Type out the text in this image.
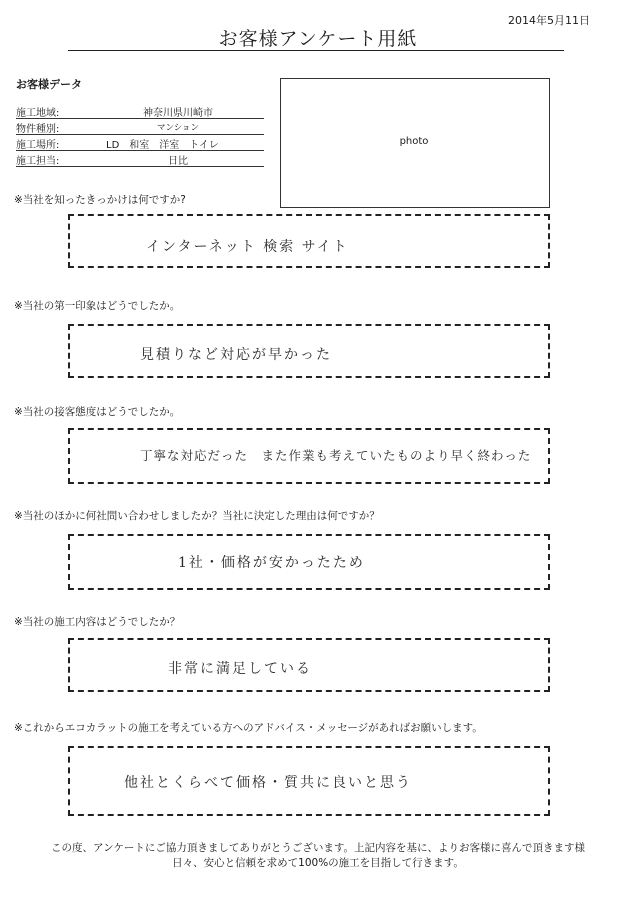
2014年5月11日
お客様アンケート用紙
お客様データ
施工地域:	神奈川県川崎市
物件種別:	マンション
施工場所:	LD　和室　洋室　トイレ
施工担当:	日比
photo
※当社を知ったきっかけは何ですか?
インターネット 検索 サイト
※当社の第一印象はどうでしたか。
見積りなど対応が早かった
※当社の接客態度はどうでしたか。
丁寧な対応だった　また作業も考えていたものより早く終わった
※当社のほかに何社問い合わせしましたか？当社に決定した理由は何ですか？
1社・価格が安かったため
※当社の施工内容はどうでしたか？
非常に満足している
※これからエコカラットの施工を考えている方へのアドバイス・メッセージがあればお願いします。
他社とくらべて価格・質共に良いと思う
この度、アンケートにご協力頂きましてありがとうございます。上記内容を基に、よりお客様に喜んで頂きます様
日々、安心と信頼を求めて100%の施工を目指して行きます。
